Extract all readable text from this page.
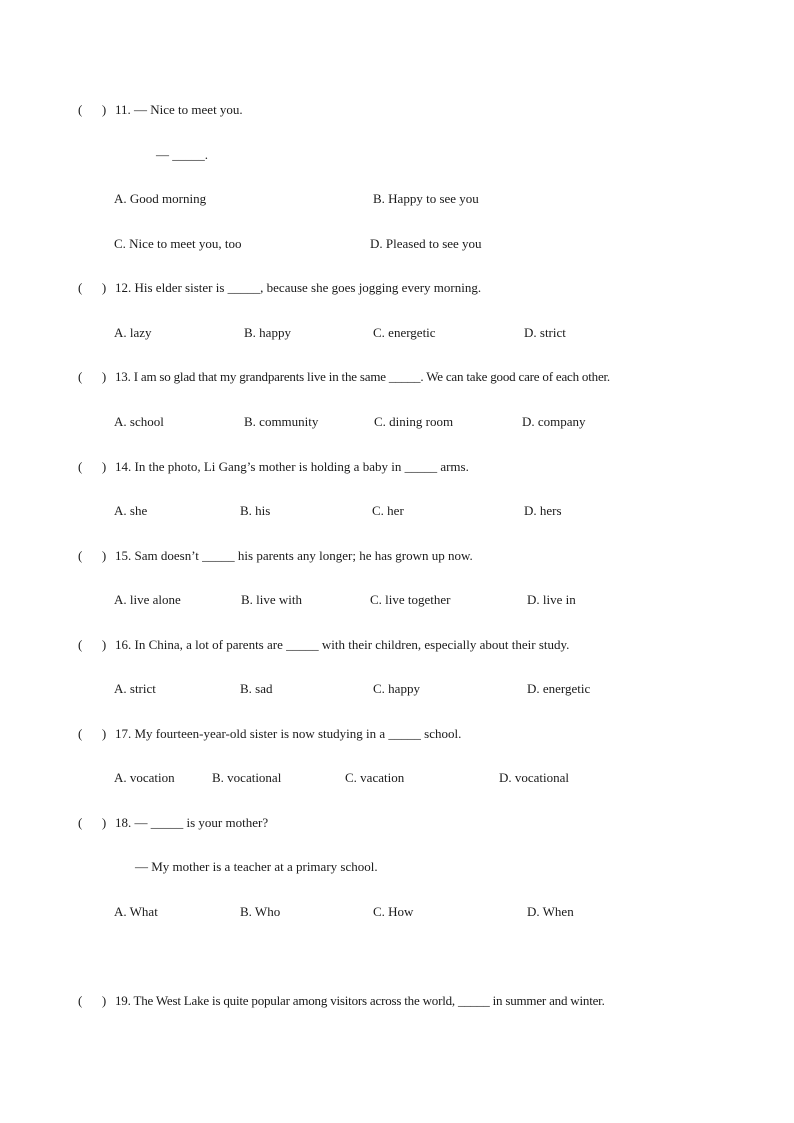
(      ) 11. — Nice to meet you.
— _____.
A. Good morning	B. Happy to see you
C. Nice to meet you, too	D. Pleased to see you
(      ) 12. His elder sister is _____, because she goes jogging every morning.
A. lazy	B. happy	C. energetic	D. strict
(      ) 13. I am so glad that my grandparents live in the same _____. We can take good care of each other.
A. school	B. community	C. dining room	D. company
(      ) 14. In the photo, Li Gang’s mother is holding a baby in _____ arms.
A. she	B. his	C. her	D. hers
(      ) 15. Sam doesn’t _____ his parents any longer; he has grown up now.
A. live alone	B. live with	C. live together	D. live in
(      ) 16. In China, a lot of parents are _____ with their children, especially about their study.
A. strict	B. sad	C. happy	D. energetic
(      ) 17. My fourteen-year-old sister is now studying in a _____ school.
A. vocation	B. vocational	C. vacation	D. vocational
(      ) 18. — _____ is your mother?
— My mother is a teacher at a primary school.
A. What	B. Who	C. How	D. When
(      ) 19. The West Lake is quite popular among visitors across the world, _____ in summer and winter.
